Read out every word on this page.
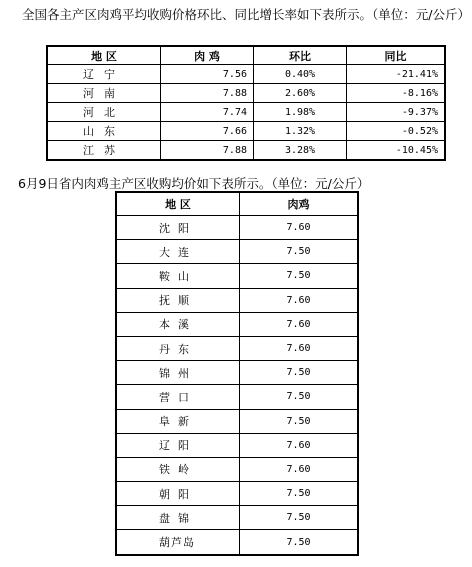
全国各主产区肉鸡平均收购价格环比、同比增长率如下表所示。（单位：元/公斤）
地 区	肉 鸡	环比	同比
辽宁	7.56	0.40%	-21.41%
河南	7.88	2.60%	-8.16%
河北	7.74	1.98%	-9.37%
山东	7.66	1.32%	-0.52%
江苏	7.88	3.28%	-10.45%
6月9日省内肉鸡主产区收购均价如下表所示。（单位：元/公斤）
地 区	肉鸡
沈阳	7.60
大连	7.50
鞍山	7.50
抚顺	7.60
本溪	7.60
丹东	7.60
锦州	7.50
营口	7.50
阜新	7.50
辽阳	7.60
铁岭	7.60
朝阳	7.50
盘锦	7.50
葫芦岛	7.50
